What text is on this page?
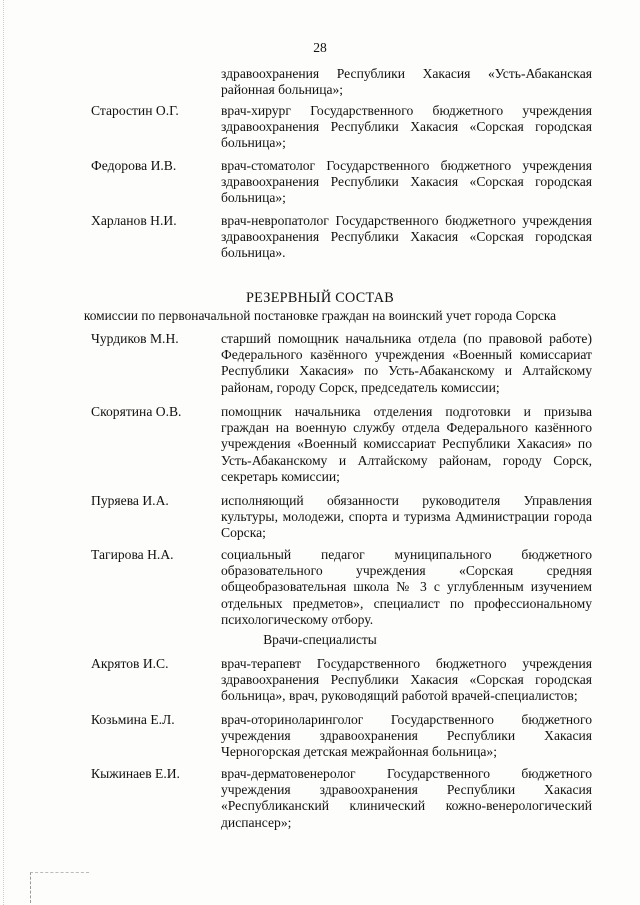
28
здравоохранения Республики Хакасия «Усть-Абаканская районная больница»;
Старостин О.Г.	врач-хирург Государственного бюджетного учреждения здравоохранения Республики Хакасия «Сорская городская больница»;
Федорова И.В.	врач-стоматолог Государственного бюджетного учреждения здравоохранения Республики Хакасия «Сорская городская больница»;
Харланов Н.И.	врач-невропатолог Государственного бюджетного учреждения здравоохранения Республики Хакасия «Сорская городская больница».
РЕЗЕРВНЫЙ СОСТАВ
комиссии по первоначальной постановке граждан на воинский учет города Сорска
Чурдиков М.Н.	старший помощник начальника отдела (по правовой работе) Федерального казённого учреждения «Военный комиссариат Республики Хакасия» по Усть-Абаканскому и Алтайскому районам, городу Сорск, председатель комиссии;
Скорятина О.В.	помощник начальника отделения подготовки и призыва граждан на военную службу отдела Федерального казённого учреждения «Военный комиссариат Республики Хакасия» по Усть-Абаканскому и Алтайскому районам, городу Сорск, секретарь комиссии;
Пуряева И.А.	исполняющий обязанности руководителя Управления культуры, молодежи, спорта и туризма Администрации города Сорска;
Тагирова Н.А.	социальный педагог муниципального бюджетного образовательного учреждения «Сорская средняя общеобразовательная школа № 3 с углубленным изучением отдельных предметов», специалист по профессиональному психологическому отбору.
Врачи-специалисты
Акрятов И.С.	врач-терапевт Государственного бюджетного учреждения здравоохранения Республики Хакасия «Сорская городская больница», врач, руководящий работой врачей-специалистов;
Козьмина Е.Л.	врач-оториноларинголог Государственного бюджетного учреждения здравоохранения Республики Хакасия Черногорская детская межрайонная больница»;
Кыжинаев Е.И.	врач-дерматовенеролог Государственного бюджетного учреждения здравоохранения Республики Хакасия «Республиканский клинический кожно-венерологический диспансер»;
